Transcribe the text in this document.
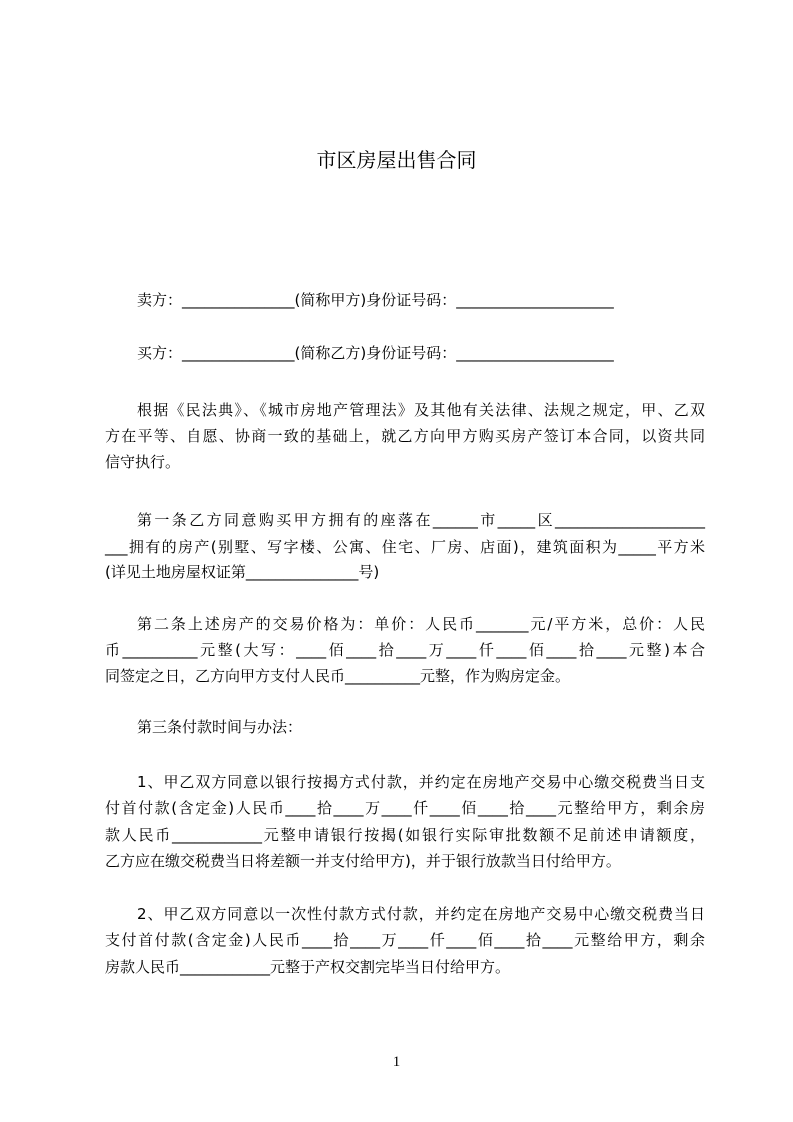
市区房屋出售合同
卖方：_______________(简称甲方)身份证号码：_____________________
买方：_______________(简称乙方)身份证号码：_____________________
根据《民法典》、《城市房地产管理法》及其他有关法律、法规之规定，甲、乙双
方在平等、自愿、协商一致的基础上，就乙方向甲方购买房产签订本合同，以资共同
信守执行。
第一条乙方同意购买甲方拥有的座落在______市_____区____________________
___拥有的房产(别墅、写字楼、公寓、住宅、厂房、店面)，建筑面积为_____平方米
(详见土地房屋权证第_______________号)
第二条上述房产的交易价格为：单价：人民币_______元/平方米，总价：人民
币__________元整(大写：____佰____拾____万____仟____佰____拾____元整)本合
同签定之日，乙方向甲方支付人民币__________元整，作为购房定金。
第三条付款时间与办法：
1、甲乙双方同意以银行按揭方式付款，并约定在房地产交易中心缴交税费当日支
付首付款(含定金)人民币____拾____万____仟____佰____拾____元整给甲方，剩余房
款人民币____________元整申请银行按揭(如银行实际审批数额不足前述申请额度，
乙方应在缴交税费当日将差额一并支付给甲方)，并于银行放款当日付给甲方。
2、甲乙双方同意以一次性付款方式付款，并约定在房地产交易中心缴交税费当日
支付首付款(含定金)人民币____拾____万____仟____佰____拾____元整给甲方，剩余
房款人民币____________元整于产权交割完毕当日付给甲方。
1
